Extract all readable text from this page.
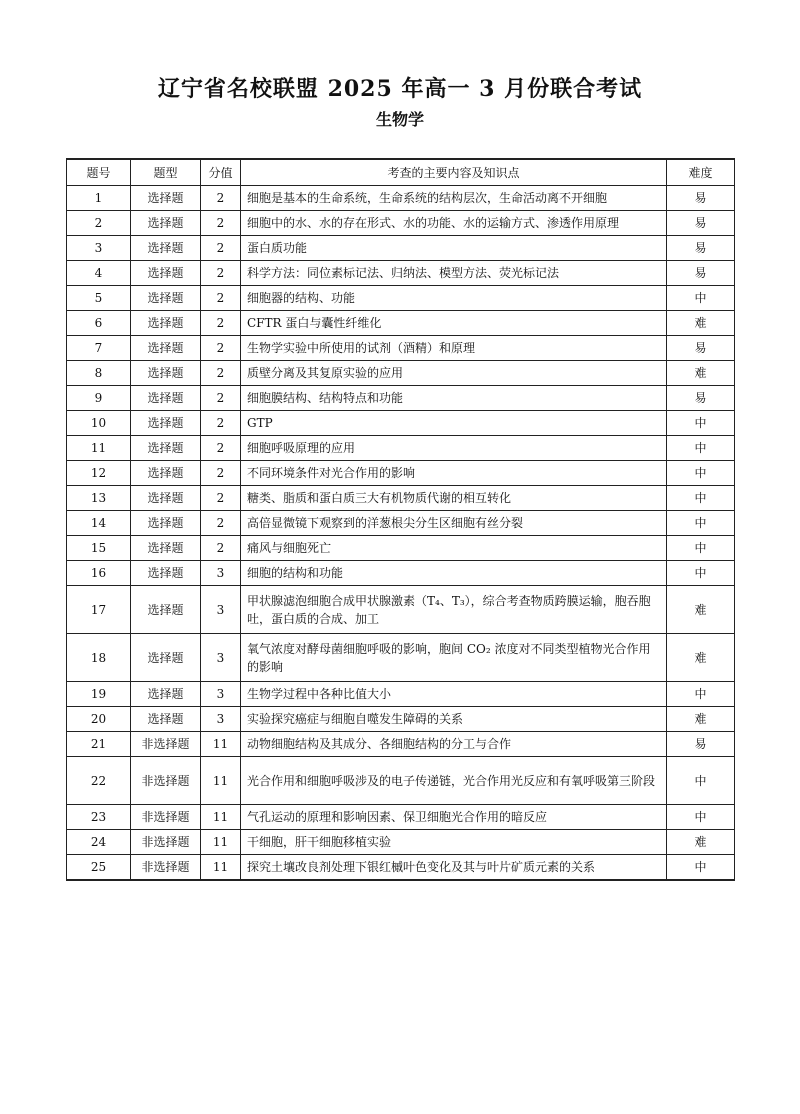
辽宁省名校联盟 2025 年高一 3 月份联合考试
生物学
题号	题型	分值	考查的主要内容及知识点	难度
1	选择题	2	细胞是基本的生命系统，生命系统的结构层次，生命活动离不开细胞	易
2	选择题	2	细胞中的水、水的存在形式、水的功能、水的运输方式、渗透作用原理	易
3	选择题	2	蛋白质功能	易
4	选择题	2	科学方法：同位素标记法、归纳法、模型方法、荧光标记法	易
5	选择题	2	细胞器的结构、功能	中
6	选择题	2	CFTR 蛋白与囊性纤维化	难
7	选择题	2	生物学实验中所使用的试剂（酒精）和原理	易
8	选择题	2	质壁分离及其复原实验的应用	难
9	选择题	2	细胞膜结构、结构特点和功能	易
10	选择题	2	GTP	中
11	选择题	2	细胞呼吸原理的应用	中
12	选择题	2	不同环境条件对光合作用的影响	中
13	选择题	2	糖类、脂质和蛋白质三大有机物质代谢的相互转化	中
14	选择题	2	高倍显微镜下观察到的洋葱根尖分生区细胞有丝分裂	中
15	选择题	2	痛风与细胞死亡	中
16	选择题	3	细胞的结构和功能	中
17	选择题	3	甲状腺滤泡细胞合成甲状腺激素（T₄、T₃），综合考查物质跨膜运输，胞吞胞吐，蛋白质的合成、加工	难
18	选择题	3	氧气浓度对酵母菌细胞呼吸的影响，胞间 CO₂ 浓度对不同类型植物光合作用的影响	难
19	选择题	3	生物学过程中各种比值大小	中
20	选择题	3	实验探究癌症与细胞自噬发生障碍的关系	难
21	非选择题	11	动物细胞结构及其成分、各细胞结构的分工与合作	易
22	非选择题	11	光合作用和细胞呼吸涉及的电子传递链，光合作用光反应和有氧呼吸第三阶段	中
23	非选择题	11	气孔运动的原理和影响因素、保卫细胞光合作用的暗反应	中
24	非选择题	11	干细胞，肝干细胞移植实验	难
25	非选择题	11	探究土壤改良剂处理下银红槭叶色变化及其与叶片矿质元素的关系	中
